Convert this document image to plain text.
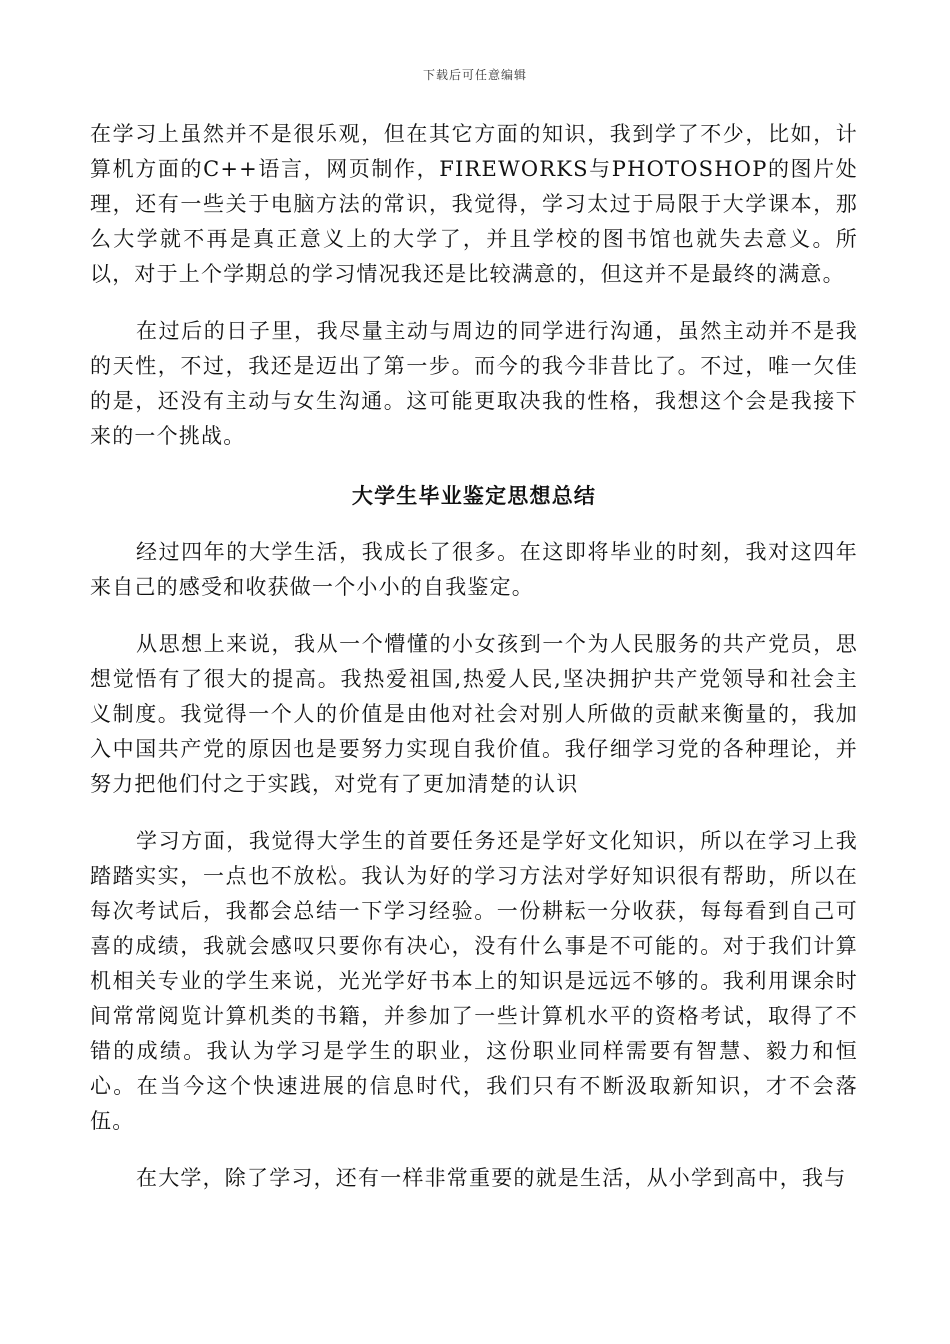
下载后可任意编辑

在学习上虽然并不是很乐观，但在其它方面的知识，我到学了不少，比如，计算机方面的C++语言，网页制作，FIREWORKS与PHOTOSHOP的图片处理，还有一些关于电脑方法的常识，我觉得，学习太过于局限于大学课本，那么大学就不再是真正意义上的大学了，并且学校的图书馆也就失去意义。所以，对于上个学期总的学习情况我还是比较满意的，但这并不是最终的满意。

在过后的日子里，我尽量主动与周边的同学进行沟通，虽然主动并不是我的天性，不过，我还是迈出了第一步。而今的我今非昔比了。不过，唯一欠佳的是，还没有主动与女生沟通。这可能更取决我的性格，我想这个会是我接下来的一个挑战。

大学生毕业鉴定思想总结

经过四年的大学生活，我成长了很多。在这即将毕业的时刻，我对这四年来自己的感受和收获做一个小小的自我鉴定。

从思想上来说，我从一个懵懂的小女孩到一个为人民服务的共产党员，思想觉悟有了很大的提高。我热爱祖国,热爱人民,坚决拥护共产党领导和社会主义制度。我觉得一个人的价值是由他对社会对别人所做的贡献来衡量的，我加入中国共产党的原因也是要努力实现自我价值。我仔细学习党的各种理论，并努力把他们付之于实践，对党有了更加清楚的认识

学习方面，我觉得大学生的首要任务还是学好文化知识，所以在学习上我踏踏实实，一点也不放松。我认为好的学习方法对学好知识很有帮助，所以在每次考试后，我都会总结一下学习经验。一份耕耘一分收获，每每看到自己可喜的成绩，我就会感叹只要你有决心，没有什么事是不可能的。对于我们计算机相关专业的学生来说，光光学好书本上的知识是远远不够的。我利用课余时间常常阅览计算机类的书籍，并参加了一些计算机水平的资格考试，取得了不错的成绩。我认为学习是学生的职业，这份职业同样需要有智慧、毅力和恒心。在当今这个快速进展的信息时代，我们只有不断汲取新知识，才不会落伍。

在大学，除了学习，还有一样非常重要的就是生活，从小学到高中，我与
